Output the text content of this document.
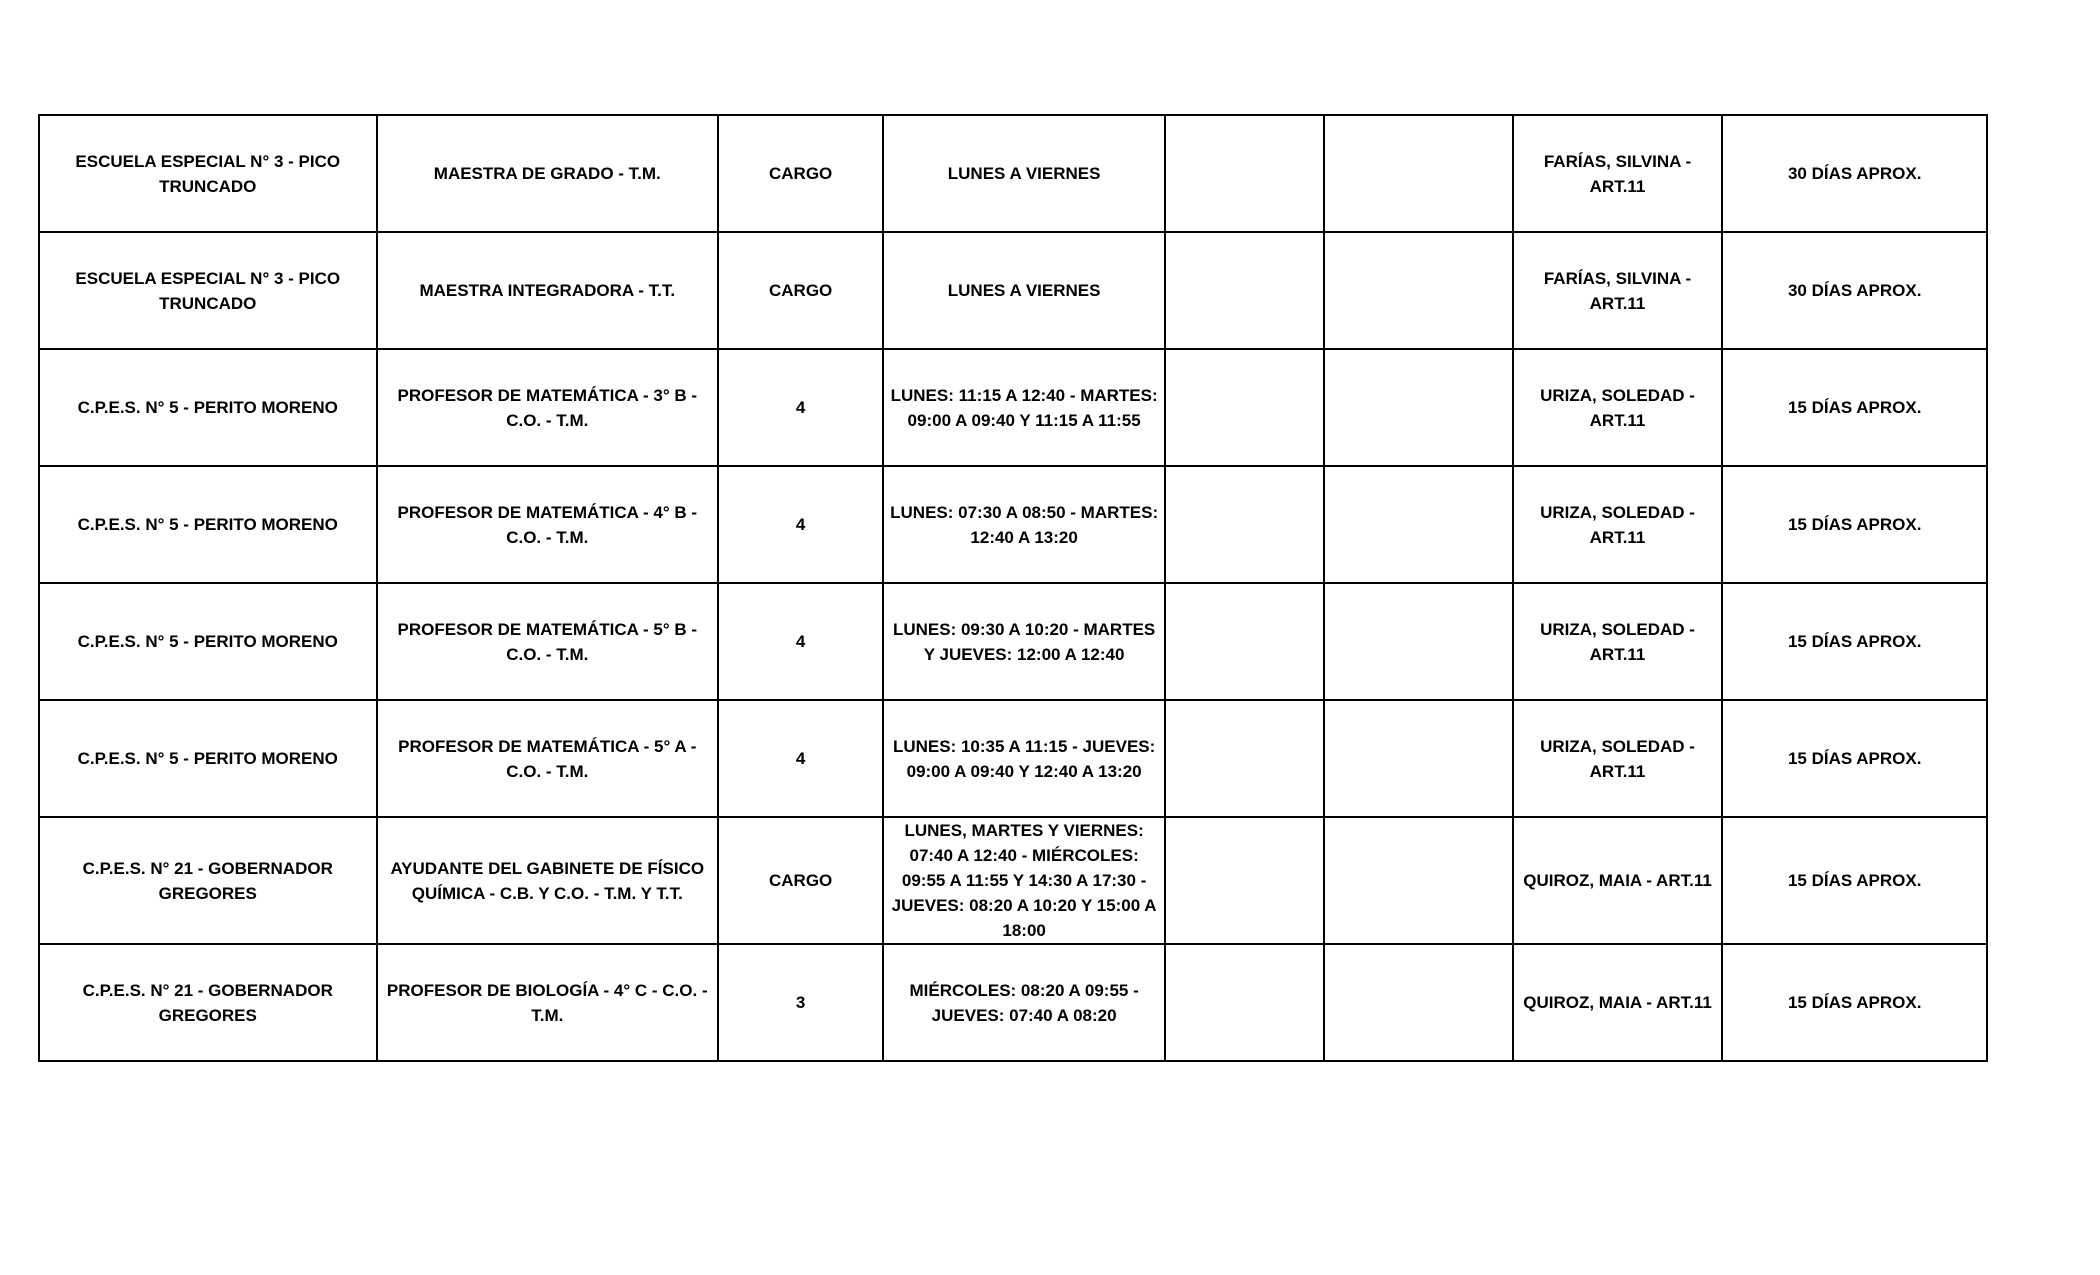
ESCUELA ESPECIAL N° 3 - PICO TRUNCADO	MAESTRA DE GRADO - T.M.	CARGO	LUNES A VIERNES			FARÍAS, SILVINA - ART.11	30 DÍAS APROX.
ESCUELA ESPECIAL N° 3 - PICO TRUNCADO	MAESTRA INTEGRADORA - T.T.	CARGO	LUNES A VIERNES			FARÍAS, SILVINA - ART.11	30 DÍAS APROX.
C.P.E.S. N° 5 - PERITO MORENO	PROFESOR DE MATEMÁTICA - 3° B - C.O. - T.M.	4	LUNES: 11:15 A 12:40 - MARTES: 09:00 A 09:40 Y 11:15 A 11:55			URIZA, SOLEDAD - ART.11	15 DÍAS APROX.
C.P.E.S. N° 5 - PERITO MORENO	PROFESOR DE MATEMÁTICA - 4° B - C.O. - T.M.	4	LUNES: 07:30 A 08:50 - MARTES: 12:40 A 13:20			URIZA, SOLEDAD - ART.11	15 DÍAS APROX.
C.P.E.S. N° 5 - PERITO MORENO	PROFESOR DE MATEMÁTICA - 5° B - C.O. - T.M.	4	LUNES: 09:30 A 10:20 - MARTES Y JUEVES: 12:00 A 12:40			URIZA, SOLEDAD - ART.11	15 DÍAS APROX.
C.P.E.S. N° 5 - PERITO MORENO	PROFESOR DE MATEMÁTICA - 5° A - C.O. - T.M.	4	LUNES: 10:35 A 11:15 - JUEVES: 09:00 A 09:40 Y 12:40 A 13:20			URIZA, SOLEDAD - ART.11	15 DÍAS APROX.
C.P.E.S. N° 21 - GOBERNADOR GREGORES	AYUDANTE DEL GABINETE DE FÍSICO QUÍMICA - C.B. Y C.O. - T.M. Y T.T.	CARGO	LUNES, MARTES Y VIERNES: 07:40 A 12:40 - MIÉRCOLES: 09:55 A 11:55 Y 14:30 A 17:30 - JUEVES: 08:20 A 10:20 Y 15:00 A 18:00			QUIROZ, MAIA - ART.11	15 DÍAS APROX.
C.P.E.S. N° 21 - GOBERNADOR GREGORES	PROFESOR DE BIOLOGÍA - 4° C - C.O. - T.M.	3	MIÉRCOLES: 08:20 A 09:55 - JUEVES: 07:40 A 08:20			QUIROZ, MAIA - ART.11	15 DÍAS APROX.
